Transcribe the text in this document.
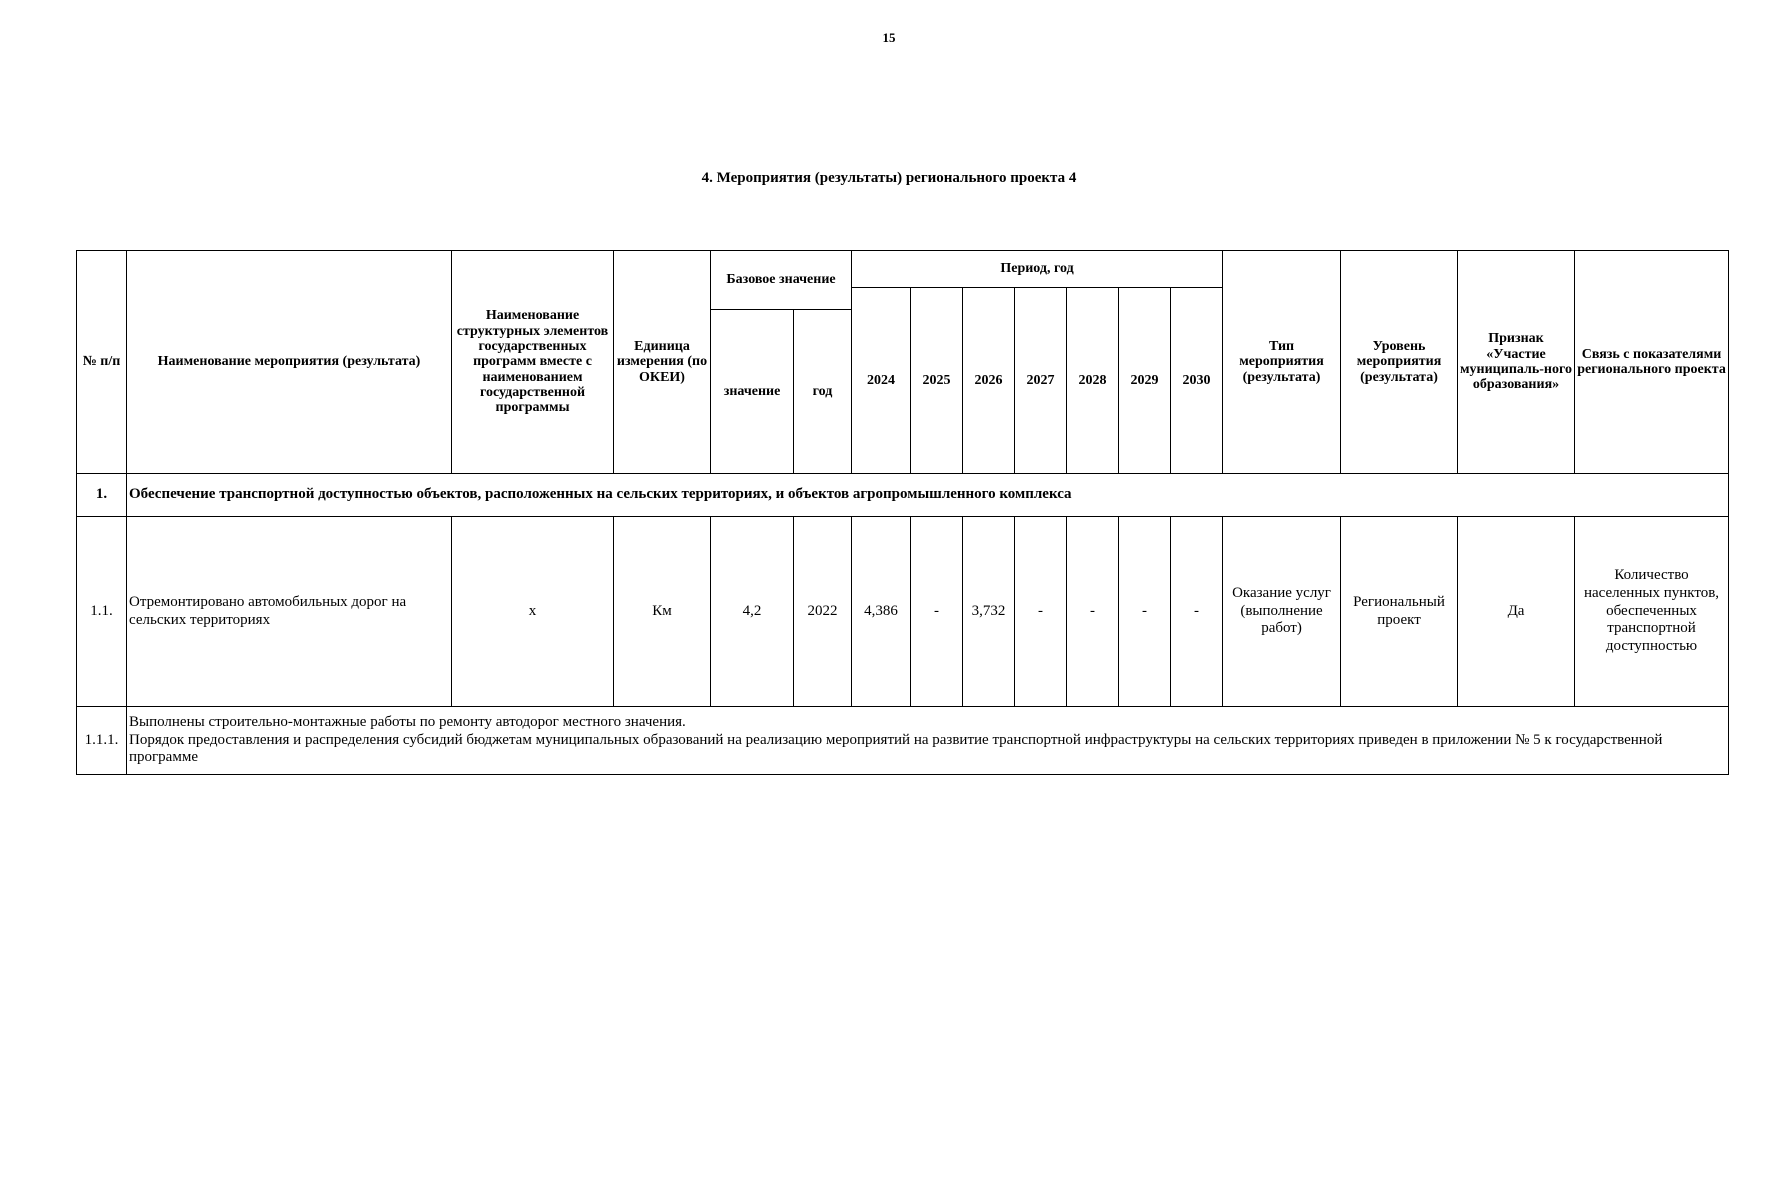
15
4. Мероприятия (результаты) регионального проекта 4
№ п/п	Наименование мероприятия (результата)	Наименование структурных элементов государственных программ вместе с наименованием государственной программы	Единица измерения (по ОКЕИ)	Базовое значение		Период, год							Тип мероприятия (результата)	Уровень мероприятия (результата)	Признак «Участие муниципаль-ного образования»	Связь с показателями регионального проекта
						2024	2025	2026	2027	2028	2029	2030				
				значение	год											
1.	Обеспечение транспортной доступностью объектов, расположенных на сельских территориях, и объектов агропромышленного комплекса															
1.1.	Отремонтировано автомобильных дорог на сельских территориях	х	Км	4,2	2022	4,386	-	3,732	-	-	-	-	Оказание услуг (выполнение работ)	Региональный проект	Да	Количество населенных пунктов, обеспеченных транспортной доступностью
1.1.1.	Выполнены строительно-монтажные работы по ремонту автодорог местного значения.
Порядок предоставления и распределения субсидий бюджетам муниципальных образований на реализацию мероприятий на развитие транспортной инфраструктуры на сельских территориях приведен в приложении № 5 к государственной программе															
